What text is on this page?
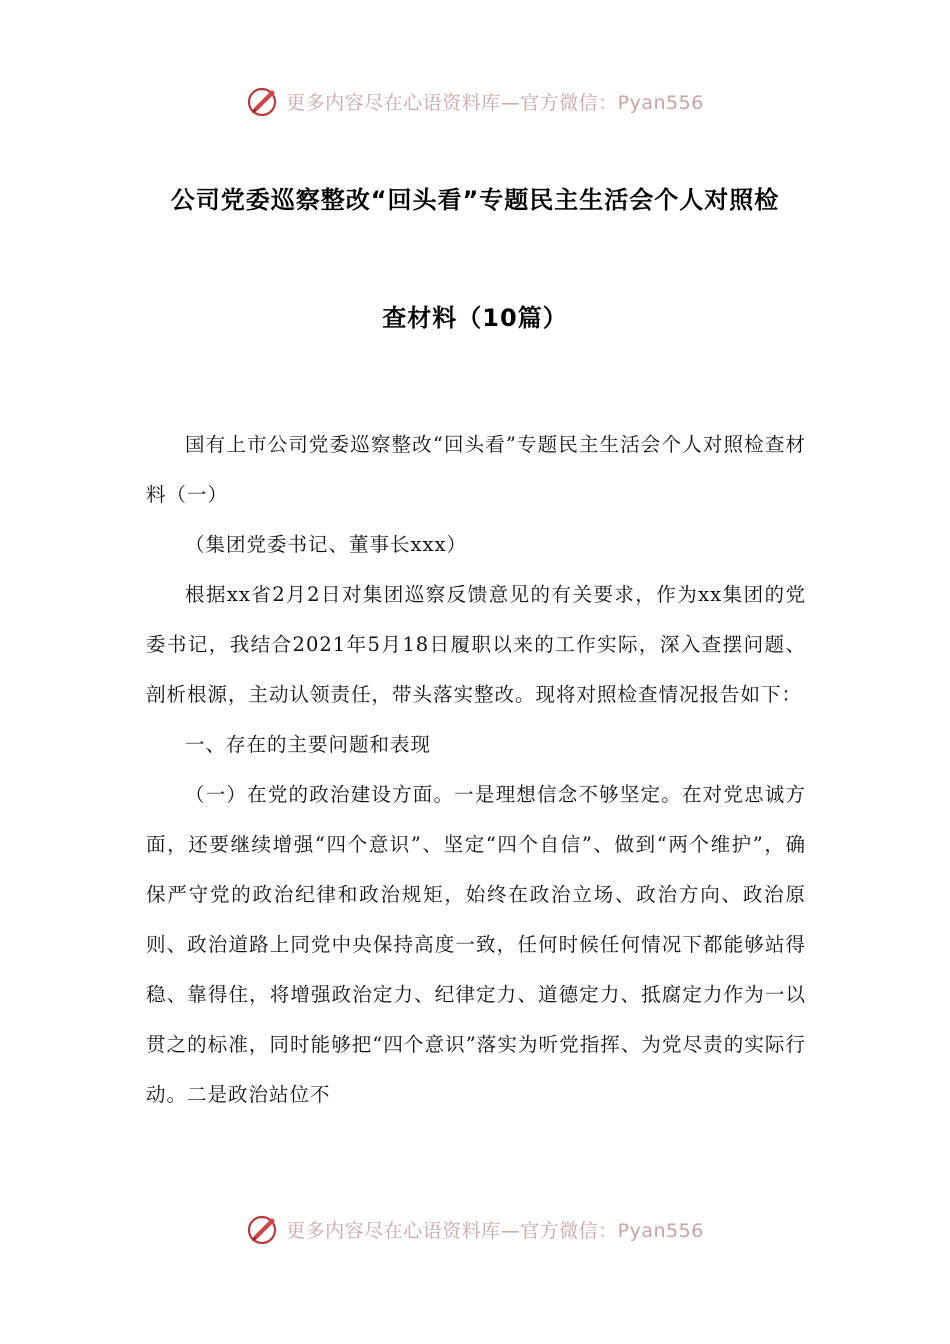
更多内容尽在心语资料库—官方微信：Pyan556
公司党委巡察整改“回头看”专题民主生活会个人对照检
查材料（10篇）

国有上市公司党委巡察整改“回头看”专题民主生活会个人对照检查材料（一）

（集团党委书记、董事长xxx）

根据xx省2月2日对集团巡察反馈意见的有关要求，作为xx集团的党委书记，我结合2021年5月18日履职以来的工作实际，深入查摆问题、剖析根源，主动认领责任，带头落实整改。现将对照检查情况报告如下：

一、存在的主要问题和表现

（一）在党的政治建设方面。一是理想信念不够坚定。在对党忠诚方面，还要继续增强“四个意识”、坚定“四个自信”、做到“两个维护”，确保严守党的政治纪律和政治规矩，始终在政治立场、政治方向、政治原则、政治道路上同党中央保持高度一致，任何时候任何情况下都能够站得稳、靠得住，将增强政治定力、纪律定力、道德定力、抵腐定力作为一以贯之的标准，同时能够把“四个意识”落实为听党指挥、为党尽责的实际行动。二是政治站位不

更多内容尽在心语资料库—官方微信：Pyan556
